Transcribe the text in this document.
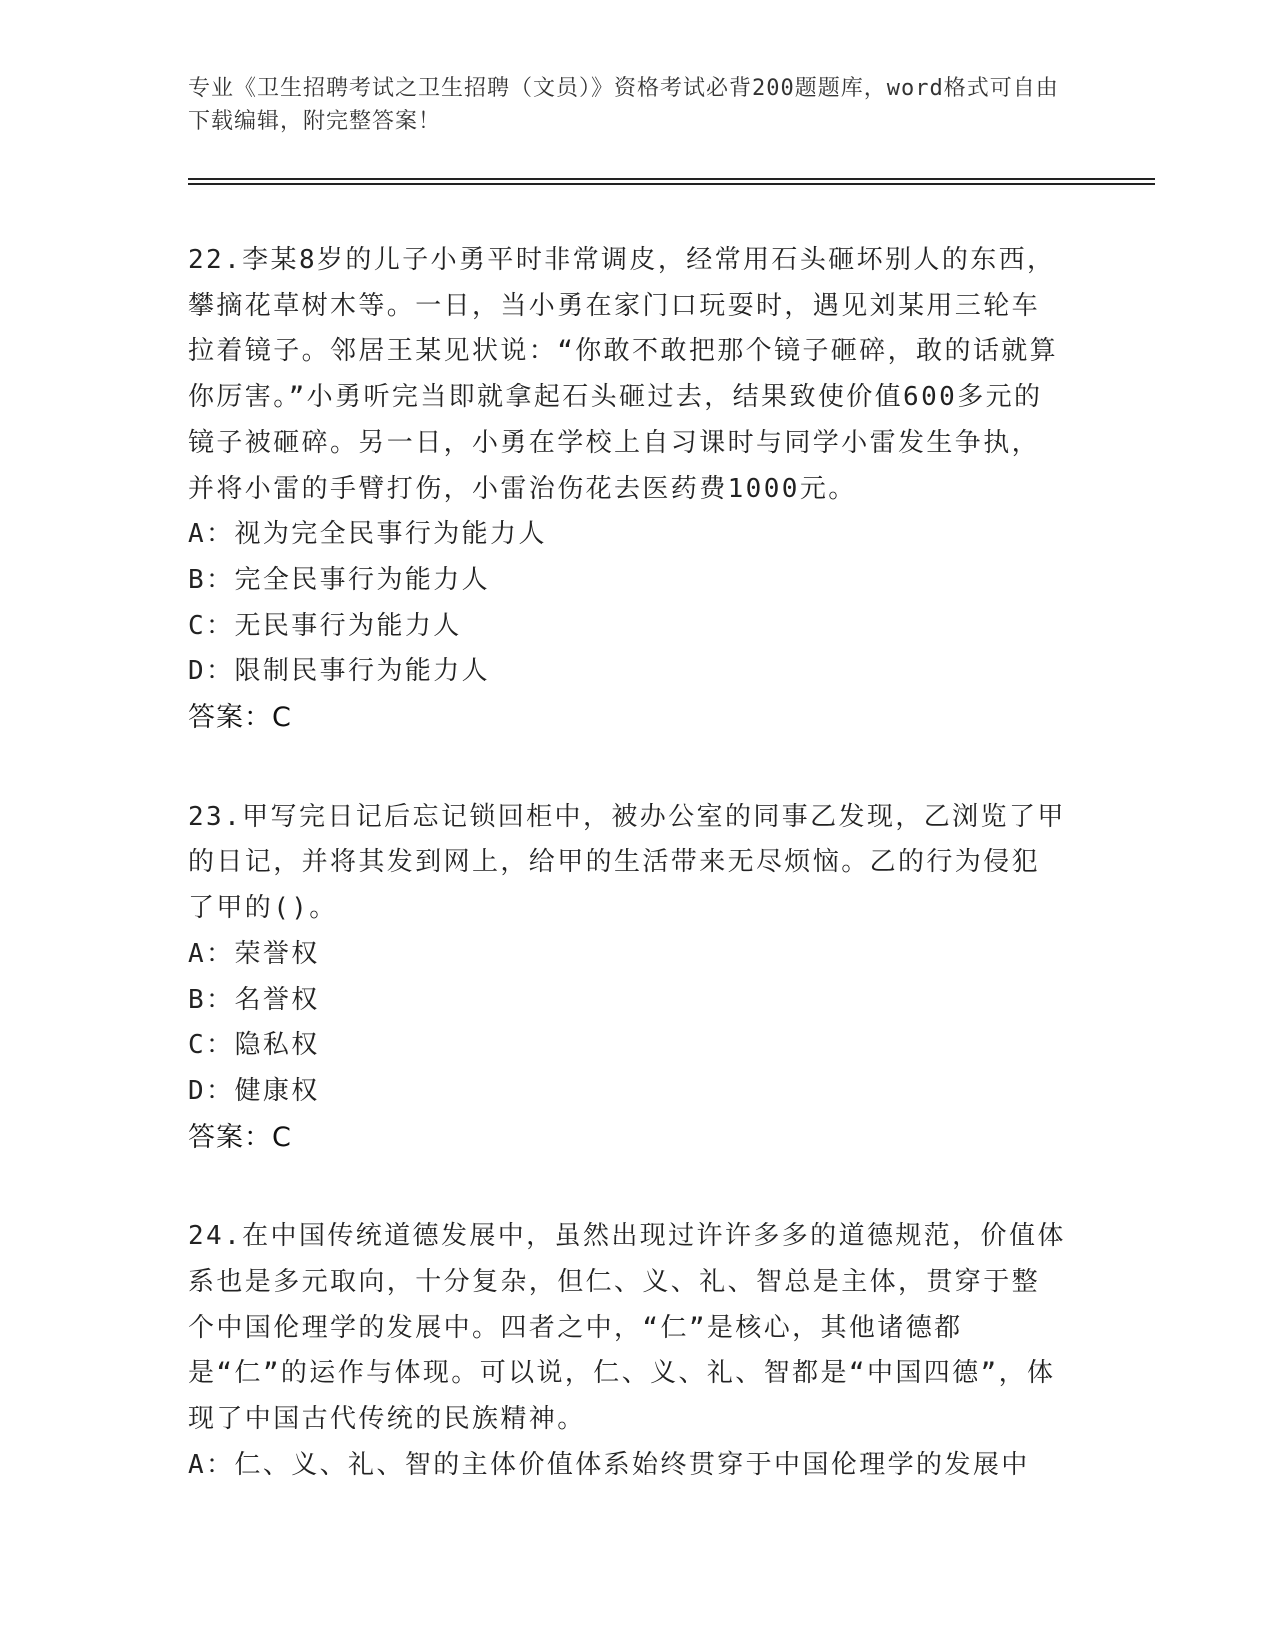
专业《卫生招聘考试之卫生招聘（文员）》资格考试必背200题题库，word格式可自由下载编辑，附完整答案！

22.李某8岁的儿子小勇平时非常调皮，经常用石头砸坏别人的东西，攀摘花草树木等。一日，当小勇在家门口玩耍时，遇见刘某用三轮车拉着镜子。邻居王某见状说：“你敢不敢把那个镜子砸碎，敢的话就算你厉害。”小勇听完当即就拿起石头砸过去，结果致使价值600多元的镜子被砸碎。另一日，小勇在学校上自习课时与同学小雷发生争执，并将小雷的手臂打伤，小雷治伤花去医药费1000元。

A：视为完全民事行为能力人

B：完全民事行为能力人

C：无民事行为能力人

D：限制民事行为能力人

答案：C

23.甲写完日记后忘记锁回柜中，被办公室的同事乙发现，乙浏览了甲的日记，并将其发到网上，给甲的生活带来无尽烦恼。乙的行为侵犯了甲的()。

A：荣誉权

B：名誉权

C：隐私权

D：健康权

答案：C

24.在中国传统道德发展中，虽然出现过许许多多的道德规范，价值体系也是多元取向，十分复杂，但仁、义、礼、智总是主体，贯穿于整个中国伦理学的发展中。四者之中，“仁”是核心，其他诸德都是“仁”的运作与体现。可以说，仁、义、礼、智都是“中国四德”，体现了中国古代传统的民族精神。

A：仁、义、礼、智的主体价值体系始终贯穿于中国伦理学的发展中
